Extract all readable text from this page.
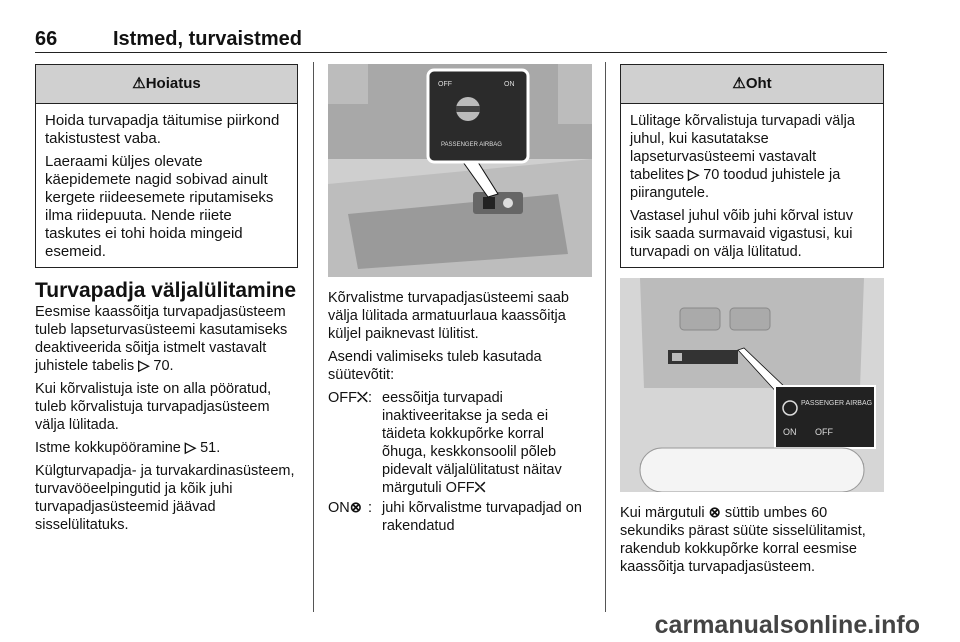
66	Istmed, turvaistmed
⚠Hoiatus

Hoida turvapadja täitumise piirkond takistustest vaba.

Laeraami küljes olevate käepidemete nagid sobivad ainult kergete riideesemete riputamiseks ilma riidepuuta. Nende riiete taskutes ei tohi hoida mingeid esemeid.

Turvapadja väljalülitamine

Eesmise kaassõitja turvapadjasüsteem tuleb lapseturvasüsteemi kasutamiseks deaktiveerida sõitja istmelt vastavalt juhistele tabelis ▷ 70.

Kui kõrvalistuja iste on alla pööratud, tuleb kõrvalistuja turvapadjasüsteem välja lülitada.

Istme kokkupööramine ▷ 51.

Külgturvapadja- ja turvakardinasüsteem, turvavööeelpingutid ja kõik juhi turvapadjasüsteemid jäävad sisselülitatuks.

OFF	ON
PASSENGER AIRBAG

Kõrvalistme turvapadjasüsteemi saab välja lülitada armatuurlaua kaassõitja küljel paiknevast lülitist.

Asendi valimiseks tuleb kasutada süütevõtit:

OFF⛌ : eessõitja turvapadi inaktiveeritakse ja seda ei täideta kokkupõrke korral õhuga, keskkonsoolil põleb pidevalt väljalülitatust näitav märgutuli OFF⛌
ON⊗ : juhi kõrvalistme turvapadjad on rakendatud
⚠Oht

Lülitage kõrvalistuja turvapadi välja juhul, kui kasutatakse lapseturvasüsteemi vastavalt tabelites ▷ 70 toodud juhistele ja piirangutele.

Vastasel juhul võib juhi kõrval istuv isik saada surmavaid vigastusi, kui turvapadi on välja lülitatud.

PASSENGER AIRBAG
ON OFF

Kui märgutuli ⊗ süttib umbes 60 sekundiks pärast süüte sisselülitamist, rakendub kokkupõrke korral eesmise kaassõitja turvapadjasüsteem.

carmanualsonline.info
